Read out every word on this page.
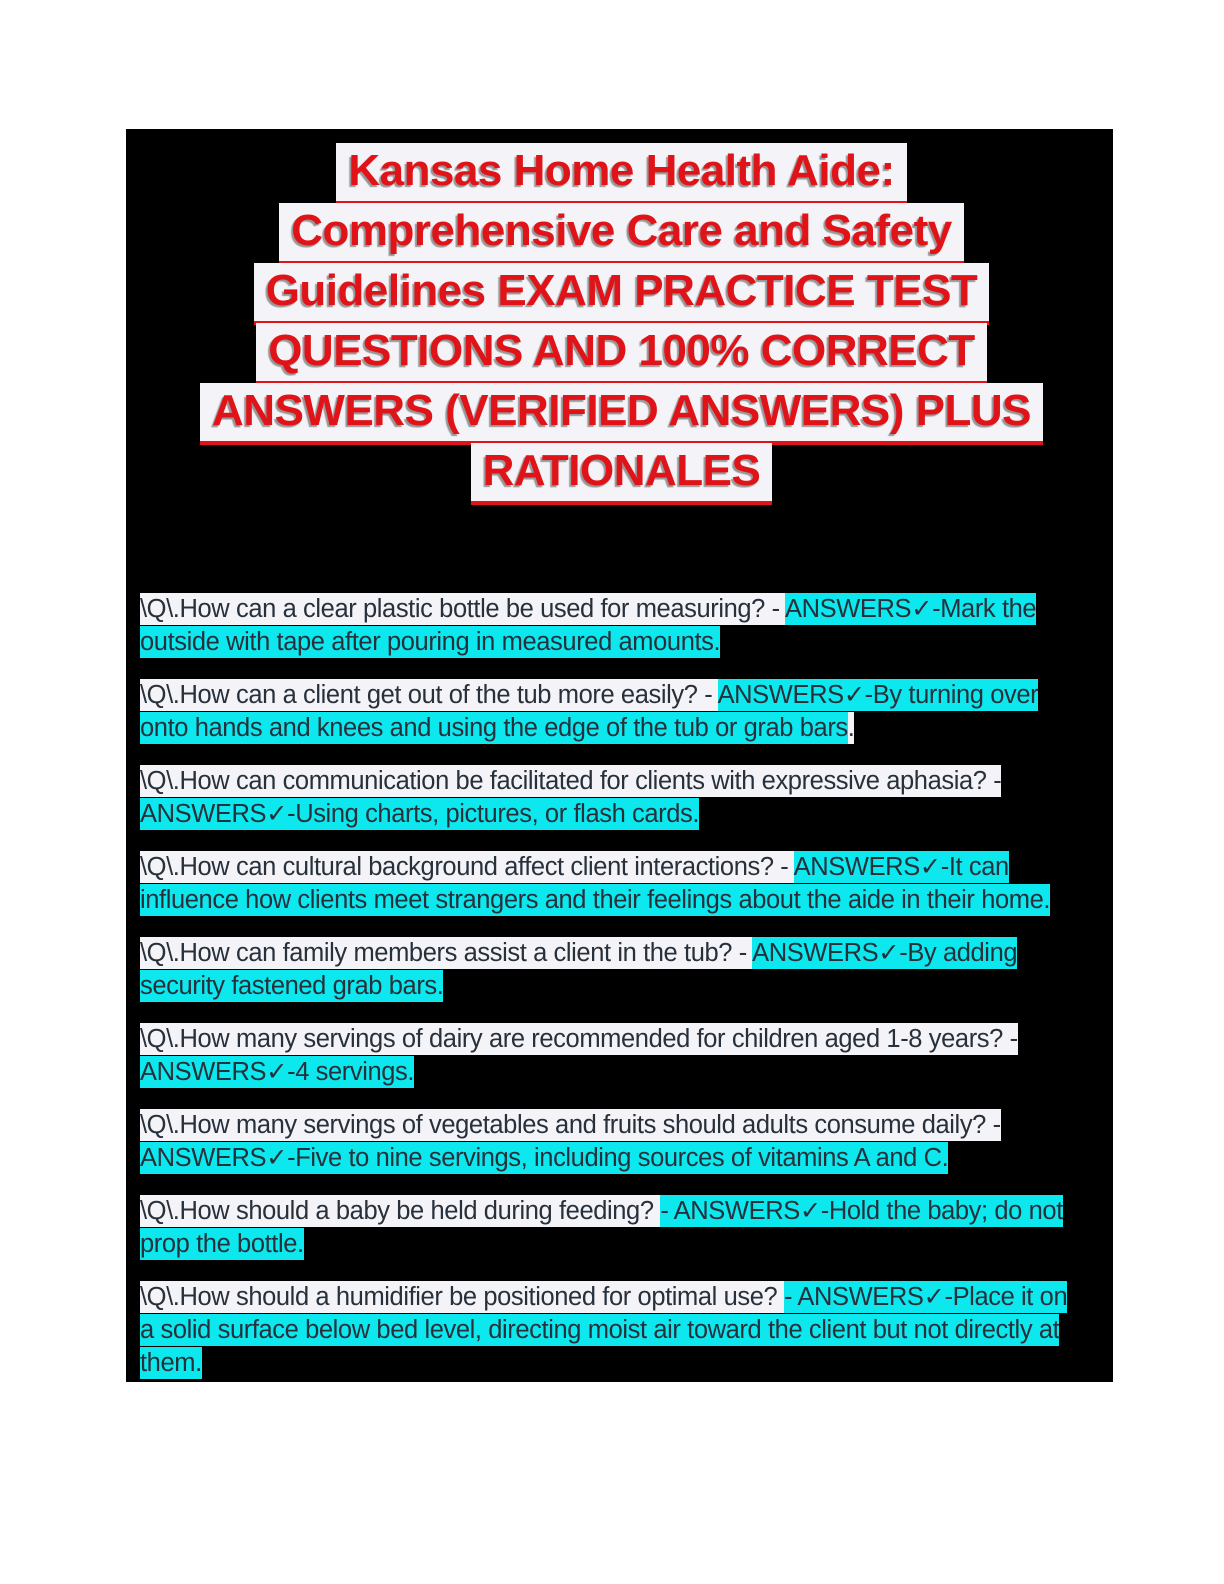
Kansas Home Health Aide:
Comprehensive Care and Safety
Guidelines EXAM PRACTICE TEST
QUESTIONS AND 100% CORRECT
ANSWERS (VERIFIED ANSWERS) PLUS
RATIONALES

\Q\.How can a clear plastic bottle be used for measuring? - ANSWERS✓-Mark the outside with tape after pouring in measured amounts.

\Q\.How can a client get out of the tub more easily? - ANSWERS✓-By turning over onto hands and knees and using the edge of the tub or grab bars.

\Q\.How can communication be facilitated for clients with expressive aphasia? - ANSWERS✓-Using charts, pictures, or flash cards.

\Q\.How can cultural background affect client interactions? - ANSWERS✓-It can influence how clients meet strangers and their feelings about the aide in their home.

\Q\.How can family members assist a client in the tub? - ANSWERS✓-By adding security fastened grab bars.

\Q\.How many servings of dairy are recommended for children aged 1-8 years? - ANSWERS✓-4 servings.

\Q\.How many servings of vegetables and fruits should adults consume daily? - ANSWERS✓-Five to nine servings, including sources of vitamins A and C.

\Q\.How should a baby be held during feeding? - ANSWERS✓-Hold the baby; do not prop the bottle.

\Q\.How should a humidifier be positioned for optimal use? - ANSWERS✓-Place it on a solid surface below bed level, directing moist air toward the client but not directly at them.
